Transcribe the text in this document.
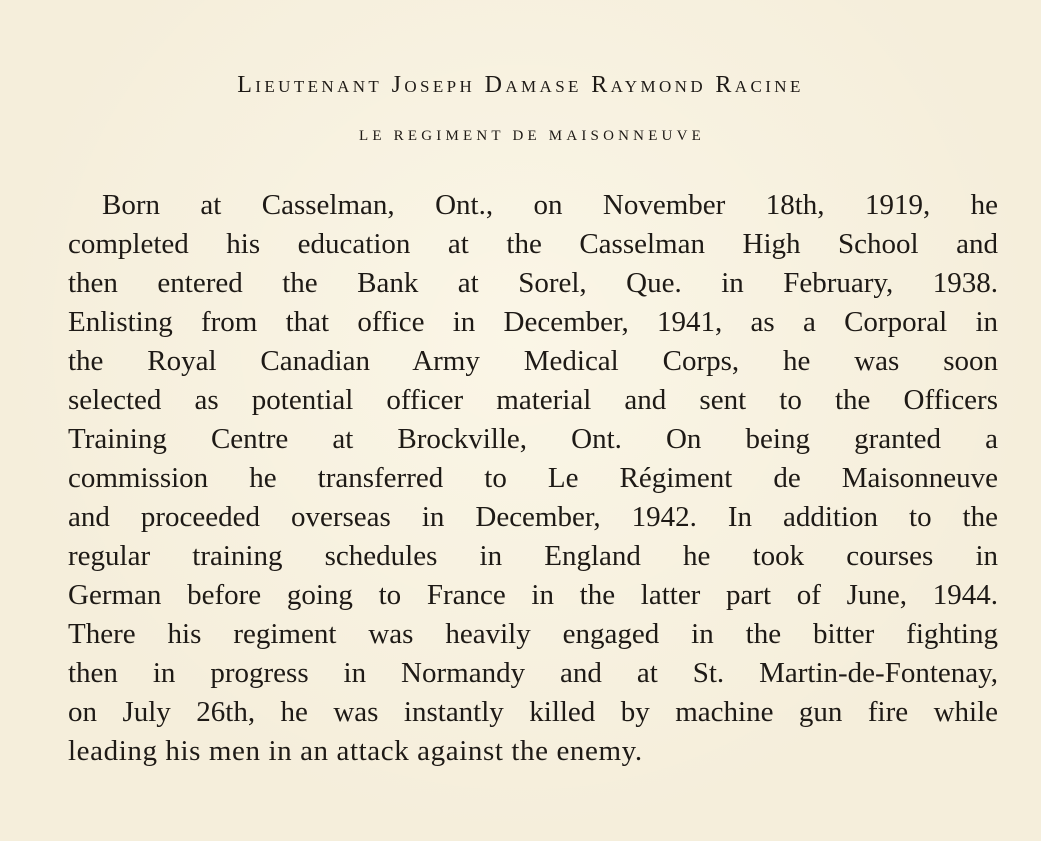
Lieutenant Joseph Damase Raymond Racine
LE REGIMENT DE MAISONNEUVE
Born at Casselman, Ont., on November 18th, 1919, he
completed his education at the Casselman High School and
then entered the Bank at Sorel, Que. in February, 1938.
Enlisting from that office in December, 1941, as a Corporal in
the Royal Canadian Army Medical Corps, he was soon
selected as potential officer material and sent to the Officers
Training Centre at Brockville, Ont. On being granted a
commission he transferred to Le Régiment de Maisonneuve
and proceeded overseas in December, 1942. In addition to the
regular training schedules in England he took courses in
German before going to France in the latter part of June, 1944.
There his regiment was heavily engaged in the bitter fighting
then in progress in Normandy and at St. Martin-de-Fontenay,
on July 26th, he was instantly killed by machine gun fire while
leading his men in an attack against the enemy.
